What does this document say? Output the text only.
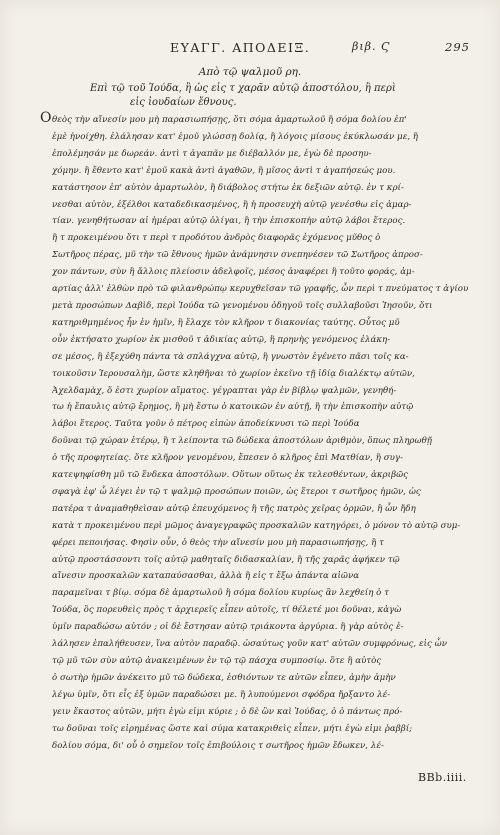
ΕΥΑΓΓ. ΑΠΟΔΕΙΞ.	βιβ. Ϛ	295
Απὸ τῷ ψαλμοῦ ρη.
Επὶ τῷ τοῦ Ἰούδα, ἢ ὡς εἰς τ χαρᾶν αὐτῷ ἀποστόλου, ἢ περὶ
εἰς ἰουδαίων ἔθνους.
O θεὸς τὴν αἴνεσίν μου μὴ παρασιωπήσῃς, ὅτι σόμα ἁμαρτωλοῦ ἢ σόμα δολίου ἐπ'
„ ἐμὲ ἠνοίχθη. ἐλάλησαν κατ' ἐμοῦ γλώσσῃ δολίᾳ, ἢ λόγοις μίσους ἐκύκλωσάν με, ἢ
„ ἐπολέμησάν με δωρεάν. ἀντὶ τ ἀγαπᾶν με διέβαλλόν με, ἐγὼ δὲ προσηυ-
„ χόμην. ἢ ἔθεντο κατ' ἐμοῦ κακὰ ἀντὶ ἀγαθῶν, ἢ μῖσος ἀντὶ τ ἀγαπήσεώς μου.
„ κατάστησον ἐπ' αὐτὸν ἁμαρτωλὸν, ἢ διάβολος στήτω ἐκ δεξιῶν αὐτῷ. ἐν τ κρί-
„ νεσθαι αὐτὸν, ἐξέλθοι καταδεδικασμένος, ἢ ἡ προσευχὴ αὐτῷ γενέσθω εἰς ἁμαρ-
„ τίαν. γενηθήτωσαν αἱ ἡμέραι αὐτῷ ὀλίγαι, ἢ τὴν ἐπισκοπὴν αὐτῷ λάβοι ἕτερος.
„ ἢ τ προκειμένου ὅτι τ περὶ τ προδότου ἀνδρὸς διαφορᾶς ἐχόμενος μῦθος ὁ
„ Σωτῆρος πέρας, μῦ τὴν τῶ ἔθνους ἡμῶν ἀνάμνησιν σνεπηνέσεν τῶ Σωτῆρος ἀπροσ-
„ χον πάντων, σὺν ἢ ἄλλοις πλείοσιν ἀδελφοῖς, μέσος ἀναφέρει ἢ τοῦτο φοράς, ἁμ-
„ αρτίας ἀλλ' ἐλθὼν πρὸ τῶ φιλανθρώπῳ κερυχθεῖσαν τῶ γραφῆς, ὧν περὶ τ πνεύματος τ ἁγίου
„ μετὰ προσώπων Δαβὶδ, περὶ Ἰούδα τῶ γενομένου ὁδηγοῦ τοῖς συλλαβοῦσι Ἰησοῦν, ὅτι
„ κατηριθμημένος ἦν ἐν ἡμῖν, ἢ ἔλαχε τὸν κλῆρον τ διακονίας ταύτης. Οὗτος μῦ
„ οὖν ἐκτήσατο χωρίον ἐκ μισθοῦ τ ἀδικίας αὐτῷ, ἢ πρηνὴς γενόμενος ἐλάκη-
„ σε μέσος, ἢ ἐξεχύθη πάντα τὰ σπλάγχνα αὐτῷ, ἢ γνωστὸν ἐγένετο πᾶσι τοῖς κα-
„ τοικοῦσιν Ἱερουσαλὴμ, ὥστε κληθῆναι τὸ χωρίον ἐκεῖνο τῇ ἰδίᾳ διαλέκτῳ αὐτῶν,
„ Ἀχελδαμὰχ, ὅ ἐστι χωρίον αἵματος. γέγραπται γὰρ ἐν βίβλῳ ψαλμῶν, γενηθή-
„ τω ἡ ἔπαυλις αὐτῷ ἔρημος, ἢ μὴ ἔστω ὁ κατοικῶν ἐν αὐτῇ, ἢ τὴν ἐπισκοπὴν αὐτῷ
„ λάβοι ἕτερος. Ταῦτα γοῦν ὁ πέτρος εἰπὼν ἀποδείκνυσι τῶ περὶ Ἰούδα
„ δοῦναι τῷ χώραν ἑτέρῳ, ἢ τ λείποντα τῶ δώδεκα ἀποστόλων ἀριθμὸν, ὅπως πληρωθῇ
„ ὁ τῆς προφητείας. ὅτε κλῆρον γενομένου, ἔπεσεν ὁ κλῆρος ἐπὶ Ματθίαν, ἢ συγ-
„ κατεψηφίσθη μῦ τῶ ἕνδεκα ἀποστόλων. Οὕτων οὕτως ἐκ τελεσθέντων, ἀκριβῶς
„ σφαγὰ ἐφ' ὧ λέγει ἐν τῷ τ ψαλμῷ προσώπων ποιῶν, ὡς ἕτεροι τ σωτῆρος ἡμῶν, ὡς
„ πατέρα τ ἀναμαθηθεὶσαν αὐτῷ ἐπευχόμενος ἢ τῆς πατρὸς χεῖρας ὁρμῶν, ἢ ὧν ἤδη
„ κατὰ τ προκειμένου περὶ μῶμος ἀναγεγραφῶς προσκαλῶν κατηγόρει, ὁ μόνον τὸ αὐτῷ συμ-
„ φέρει πεποιήσας. Φησὶν οὖν, ὁ θεὸς τὴν αἴνεσίν μου μὴ παρασιωπήσῃς, ἢ τ
„ αὐτῷ προστάσσοντι τοῖς αὐτῷ μαθηταῖς διδασκαλίαν, ἢ τῆς χαρᾶς ἀφήκεν τῷ
„ αἴνεσιν προσκαλῶν καταπαύσασθαι, ἀλλὰ ἢ εἰς τ ἔξω ἀπάντα αἰῶνα
„ παραμεῖναι τ βίῳ. σόμα δὲ ἁμαρτωλοῦ ἢ σόμα δολίου κυρίως ἂν λεχθείη ὁ τ
„ Ἰούδα, ὃς πορευθεὶς πρὸς τ ἀρχιερεῖς εἶπεν αὐτοῖς, τί θέλετέ μοι δοῦναι, κἀγὼ
„ ὑμῖν παραδώσω αὐτόν ; οἱ δὲ ἔστησαν αὐτῷ τριάκοντα ἀργύρια. ἢ γὰρ αὐτὸς ἐ-
„ λάλησεν ἐπαλήθευσεν, ἵνα αὐτὸν παραδῷ. ὡσαύτως γοῦν κατ' αὐτῶν συμφρόνως, εἰς ὧν
„ τῷ μῦ τῶν σὺν αὐτῷ ἀνακειμένων ἐν τῷ τῷ πάσχα συμποσίῳ. ὅτε ἢ αὐτὸς
„ ὁ σωτὴρ ἡμῶν ἀνέκειτο μῦ τῶ δώδεκα, ἐσθιόντων τε αὐτῶν εἶπεν, ἀμὴν ἀμὴν
„ λέγω ὑμῖν, ὅτι εἷς ἐξ ὑμῶν παραδώσει με. ἢ λυπούμενοι σφόδρα ἤρξαντο λέ-
„ γειν ἕκαστος αὐτῶν, μήτι ἐγὼ εἰμι κύριε ; ὁ δὲ ὢν καὶ Ἰούδας, ὁ ὁ πάντως πρό-
„ τω δοῦναι τοῖς εἰρημένας ὥστε καὶ σύμα κατακριθεὶς εἶπεν, μήτι ἐγὼ εἰμι ῥαββί;
„ δολίου σόμα, δι' οὗ ὁ σημεῖον τοῖς ἐπιβούλοις τ σωτῆρος ἡμῶν ἔδωκεν, λέ-
BBb.iiii.
